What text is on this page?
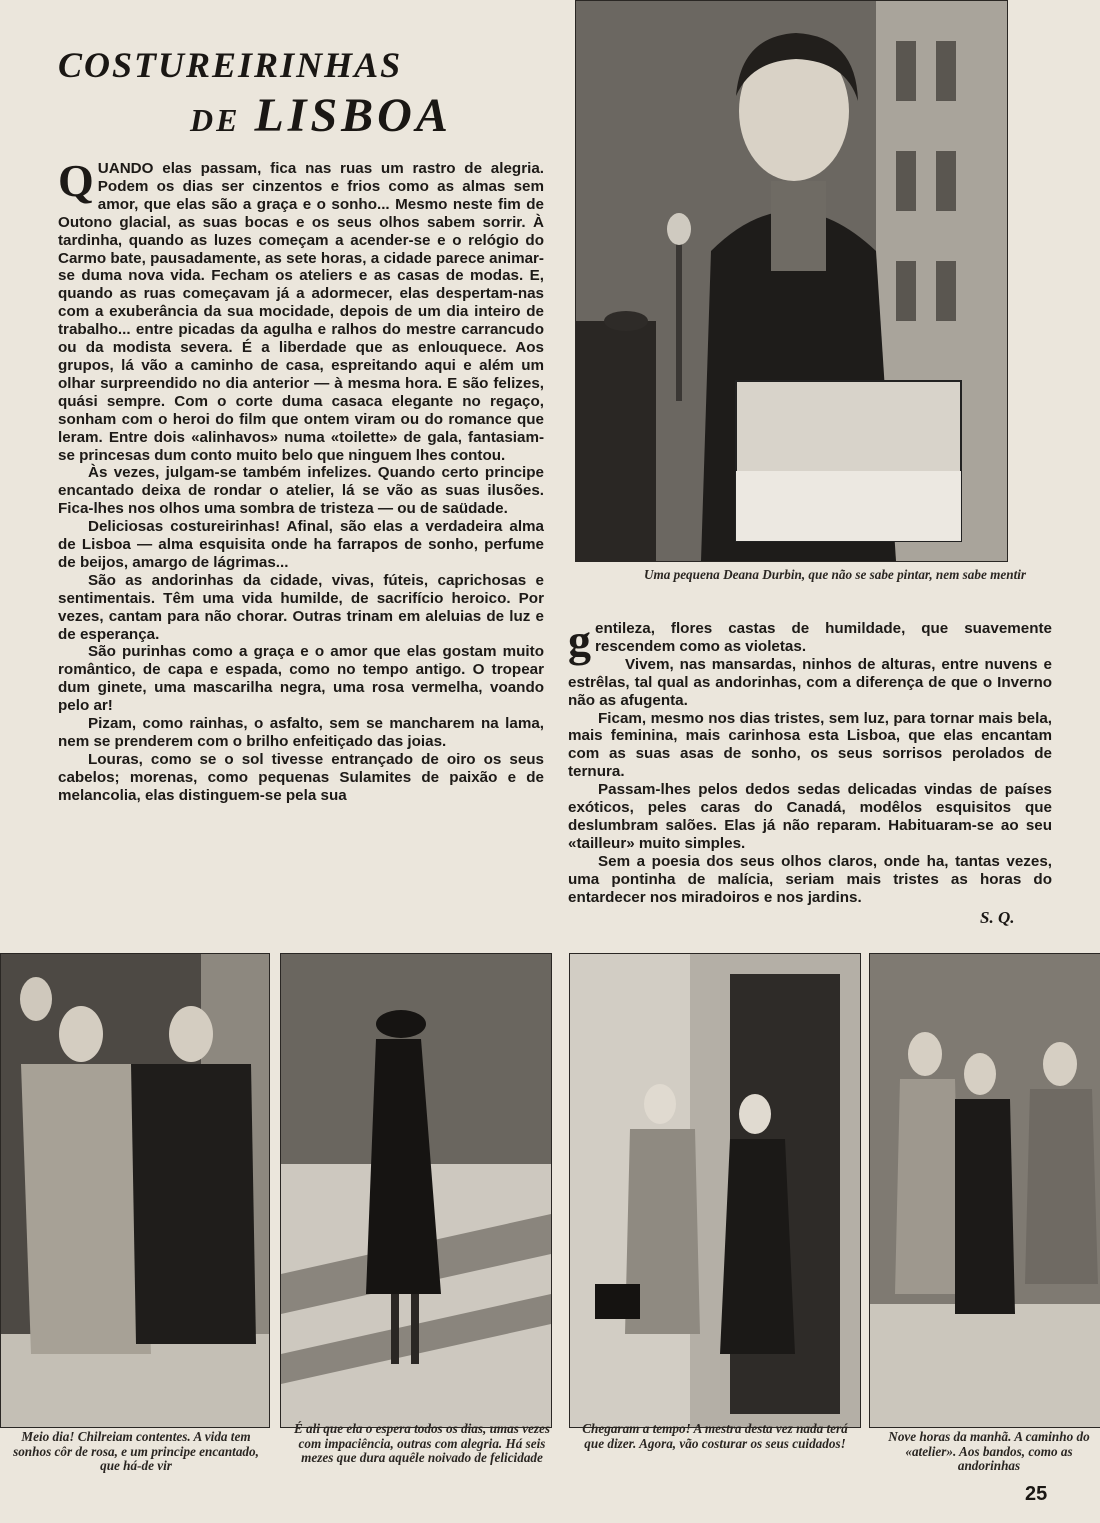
COSTUREIRINHAS
DE LISBOA

QUANDO elas passam, fica nas ruas um rastro de alegria. Podem os dias ser cinzentos e frios como as almas sem amor, que elas são a graça e o sonho... Mesmo neste fim de Outono glacial, as suas bocas e os seus olhos sabem sorrir. À tardinha, quando as luzes começam a acender-se e o relógio do Carmo bate, pausadamente, as sete horas, a cidade parece animar-se duma nova vida. Fecham os ateliers e as casas de modas. E, quando as ruas começavam já a adormecer, elas despertam-nas com a exuberância da sua mocidade, depois de um dia inteiro de trabalho... entre picadas da agulha e ralhos do mestre carrancudo ou da modista severa. É a liberdade que as enlouquece. Aos grupos, lá vão a caminho de casa, espreitando aqui e além um olhar surpreendido no dia anterior — à mesma hora. E são felizes, quási sempre. Com o corte duma casaca elegante no regaço, sonham com o heroi do film que ontem viram ou do romance que leram. Entre dois «alinhavos» numa «toilette» de gala, fantasiam-se princesas dum conto muito belo que ninguem lhes contou.

Às vezes, julgam-se também infelizes. Quando certo principe encantado deixa de rondar o atelier, lá se vão as suas ilusões. Fica-lhes nos olhos uma sombra de tristeza — ou de saüdade.

Deliciosas costureirinhas! Afinal, são elas a verdadeira alma de Lisboa — alma esquisita onde ha farrapos de sonho, perfume de beijos, amargo de lágrimas...

São as andorinhas da cidade, vivas, fúteis, caprichosas e sentimentais. Têm uma vida humilde, de sacrifício heroico. Por vezes, cantam para não chorar. Outras trinam em aleluias de luz e de esperança.

São purinhas como a graça e o amor que elas gostam muito romântico, de capa e espada, como no tempo antigo. O tropear dum ginete, uma mascarilha negra, uma rosa vermelha, voando pelo ar!

Pizam, como rainhas, o asfalto, sem se mancharem na lama, nem se prenderem com o brilho enfeitiçado das joias.

Louras, como se o sol tivesse entrançado de oiro os seus cabelos; morenas, como pequenas Sulamites de paixão e de melancolia, elas distinguem-se pela sua

Uma pequena Deana Durbin, que não se sabe pintar, nem sabe mentir

gentileza, flores castas de humildade, que suavemente rescendem como as violetas.

Vivem, nas mansardas, ninhos de alturas, entre nuvens e estrêlas, tal qual as andorinhas, com a diferença de que o Inverno não as afugenta.

Ficam, mesmo nos dias tristes, sem luz, para tornar mais bela, mais feminina, mais carinhosa esta Lisboa, que elas encantam com as suas asas de sonho, os seus sorrisos perolados de ternura.

Passam-lhes pelos dedos sedas delicadas vindas de países exóticos, peles caras do Canadá, modêlos esquisitos que deslumbram salões. Elas já não reparam. Habituaram-se ao seu «tailleur» muito simples.

Sem a poesia dos seus olhos claros, onde ha, tantas vezes, uma pontinha de malícia, seriam mais tristes as horas do entardecer nos miradoiros e nos jardins.

S. Q.
Meio dia! Chilreiam contentes. A vida tem sonhos côr de rosa, e um principe encantado, que há-de vir
É ali que ela o espera todos os dias, umas vezes com impaciência, outras com alegria. Há seis mezes que dura aquêle noivado de felicidade
Chegaram a tempo! A mestra desta vez nada terá que dizer. Agora, vão costurar os seus cuidados!	Nove horas da manhã. A caminho do «atelier». Aos bandos, como as andorinhas
25
